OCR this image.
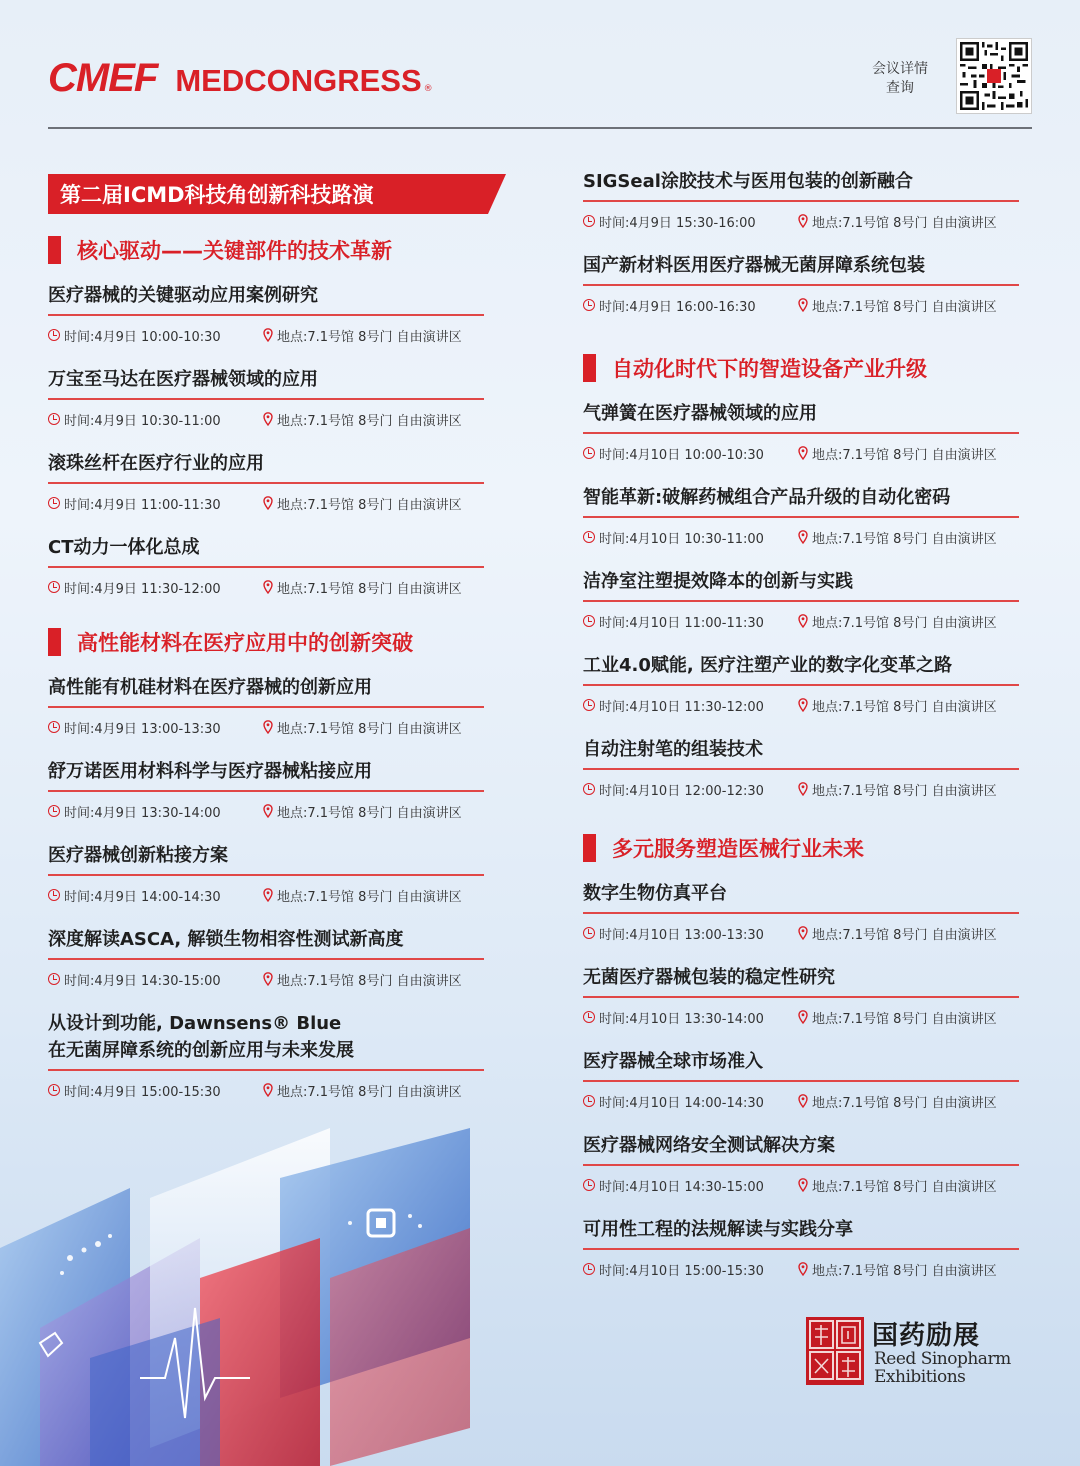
CMEF MEDCONGRESS ®
会议详情
查询
第二届ICMD科技角创新科技路演
核心驱动——关键部件的技术革新
医疗器械的关键驱动应用案例研究
时间:4月9日 10:00-10:30	地点:7.1号馆 8号门 自由演讲区
万宝至马达在医疗器械领域的应用
时间:4月9日 10:30-11:00	地点:7.1号馆 8号门 自由演讲区
滚珠丝杆在医疗行业的应用
时间:4月9日 11:00-11:30	地点:7.1号馆 8号门 自由演讲区
CT动力一体化总成
时间:4月9日 11:30-12:00	地点:7.1号馆 8号门 自由演讲区
高性能材料在医疗应用中的创新突破
高性能有机硅材料在医疗器械的创新应用
时间:4月9日 13:00-13:30	地点:7.1号馆 8号门 自由演讲区
舒万诺医用材料科学与医疗器械粘接应用
时间:4月9日 13:30-14:00	地点:7.1号馆 8号门 自由演讲区
医疗器械创新粘接方案
时间:4月9日 14:00-14:30	地点:7.1号馆 8号门 自由演讲区
深度解读ASCA, 解锁生物相容性测试新高度
时间:4月9日 14:30-15:00	地点:7.1号馆 8号门 自由演讲区
从设计到功能, Dawnsens® Blue
在无菌屏障系统的创新应用与未来发展
时间:4月9日 15:00-15:30	地点:7.1号馆 8号门 自由演讲区
SIGSeal涂胶技术与医用包装的创新融合
时间:4月9日 15:30-16:00	地点:7.1号馆 8号门 自由演讲区
国产新材料医用医疗器械无菌屏障系统包装
时间:4月9日 16:00-16:30	地点:7.1号馆 8号门 自由演讲区
自动化时代下的智造设备产业升级
气弹簧在医疗器械领域的应用
时间:4月10日 10:00-10:30	地点:7.1号馆 8号门 自由演讲区
智能革新:破解药械组合产品升级的自动化密码
时间:4月10日 10:30-11:00	地点:7.1号馆 8号门 自由演讲区
洁净室注塑提效降本的创新与实践
时间:4月10日 11:00-11:30	地点:7.1号馆 8号门 自由演讲区
工业4.0赋能, 医疗注塑产业的数字化变革之路
时间:4月10日 11:30-12:00	地点:7.1号馆 8号门 自由演讲区
自动注射笔的组装技术
时间:4月10日 12:00-12:30	地点:7.1号馆 8号门 自由演讲区
多元服务塑造医械行业未来
数字生物仿真平台
时间:4月10日 13:00-13:30	地点:7.1号馆 8号门 自由演讲区
无菌医疗器械包装的稳定性研究
时间:4月10日 13:30-14:00	地点:7.1号馆 8号门 自由演讲区
医疗器械全球市场准入
时间:4月10日 14:00-14:30	地点:7.1号馆 8号门 自由演讲区
医疗器械网络安全测试解决方案
时间:4月10日 14:30-15:00	地点:7.1号馆 8号门 自由演讲区
可用性工程的法规解读与实践分享
时间:4月10日 15:00-15:30	地点:7.1号馆 8号门 自由演讲区
国药励展
Reed Sinopharm
Exhibitions
